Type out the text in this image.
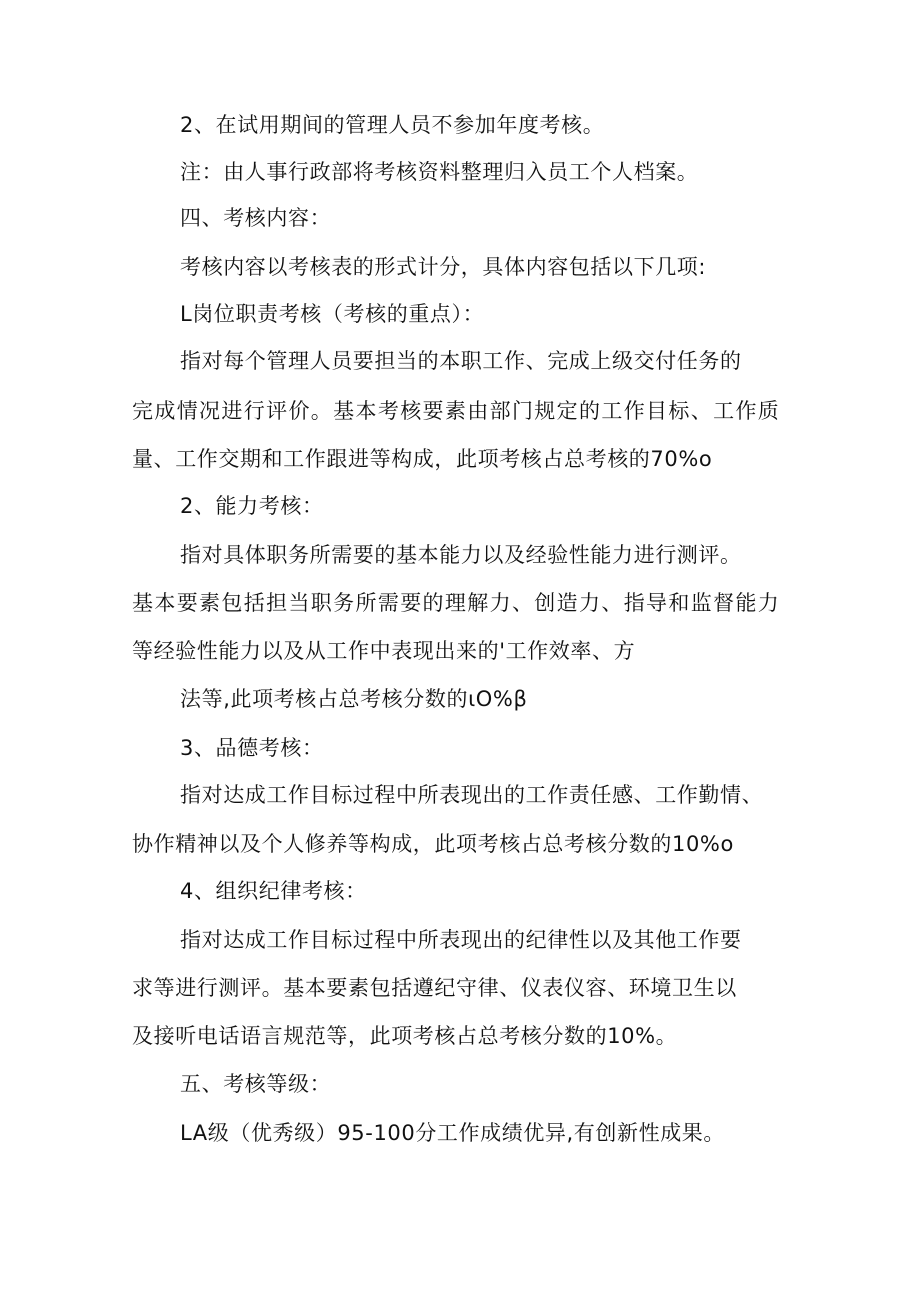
2、在试用期间的管理人员不参加年度考核。
注：由人事行政部将考核资料整理归入员工个人档案。
四、考核内容：
考核内容以考核表的形式计分，具体内容包括以下几项:
L岗位职责考核（考核的重点）：
指对每个管理人员要担当的本职工作、完成上级交付任务的
完成情况进行评价。基本考核要素由部门规定的工作目标、工作质
量、工作交期和工作跟进等构成，此项考核占总考核的70%o
2、能力考核：
指对具体职务所需要的基本能力以及经验性能力进行测评。
基本要素包括担当职务所需要的理解力、创造力、指导和监督能力
等经验性能力以及从工作中表现出来的'工作效率、方
法等,此项考核占总考核分数的ιO%β
3、品德考核：
指对达成工作目标过程中所表现出的工作责任感、工作勤情、
协作精神以及个人修养等构成，此项考核占总考核分数的10%o
4、组织纪律考核：
指对达成工作目标过程中所表现出的纪律性以及其他工作要
求等进行测评。基本要素包括遵纪守律、仪表仪容、环境卫生以
及接听电话语言规范等，此项考核占总考核分数的10%。
五、考核等级：
LA级（优秀级）95-100分工作成绩优异,有创新性成果。
